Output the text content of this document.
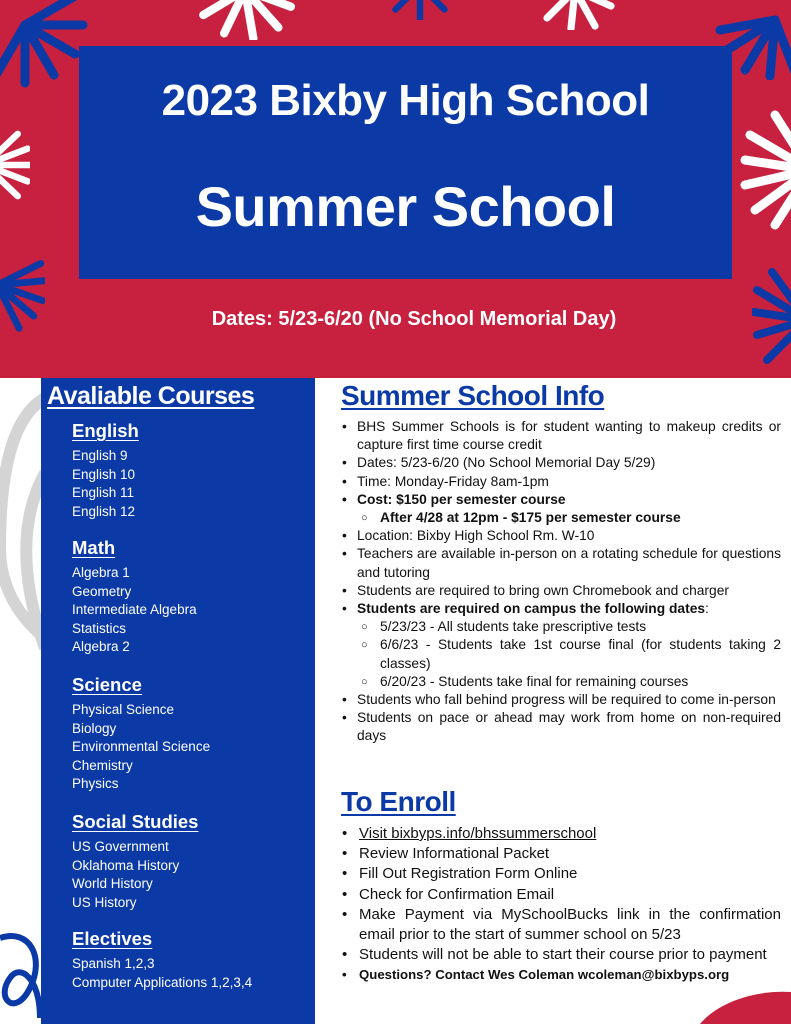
2023 Bixby High School
Summer School
Dates: 5/23-6/20 (No School Memorial Day)
Avaliable Courses
English
English 9
English 10
English 11
English 12
Math
Algebra 1
Geometry
Intermediate Algebra
Statistics
Algebra 2
Science
Physical Science
Biology
Environmental Science
Chemistry
Physics
Social Studies
US Government
Oklahoma History
World History
US History
Electives
Spanish 1,2,3
Computer Applications 1,2,3,4
Summer School Info
• BHS Summer Schools is for student wanting to makeup credits or capture first time course credit
• Dates: 5/23-6/20 (No School Memorial Day 5/29)
• Time: Monday-Friday 8am-1pm
• Cost: $150 per semester course
○ After 4/28 at 12pm - $175 per semester course
• Location: Bixby High School Rm. W-10
• Teachers are available in-person on a rotating schedule for questions and tutoring
• Students are required to bring own Chromebook and charger
• Students are required on campus the following dates:
○ 5/23/23 - All students take prescriptive tests
○ 6/6/23 - Students take 1st course final (for students taking 2 classes)
○ 6/20/23 - Students take final for remaining courses
• Students who fall behind progress will be required to come in-person
• Students on pace or ahead may work from home on non-required days
To Enroll
• Visit bixbyps.info/bhssummerschool
• Review Informational Packet
• Fill Out Registration Form Online
• Check for Confirmation Email
• Make Payment via MySchoolBucks link in the confirmation email prior to the start of summer school on 5/23
• Students will not be able to start their course prior to payment
• Questions? Contact Wes Coleman wcoleman@bixbyps.org
